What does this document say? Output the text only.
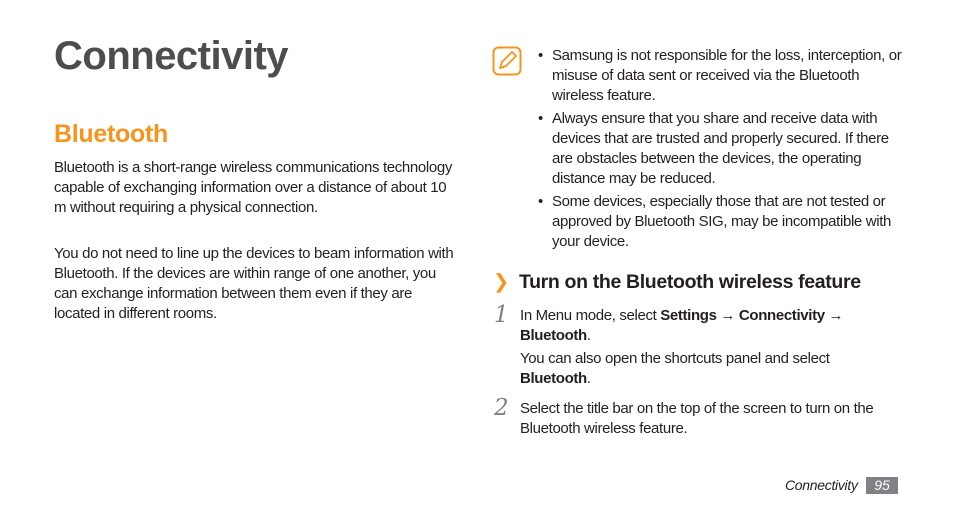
Connectivity
Bluetooth
Bluetooth is a short-range wireless communications technology capable of exchanging information over a distance of about 10 m without requiring a physical connection.
You do not need to line up the devices to beam information with Bluetooth. If the devices are within range of one another, you can exchange information between them even if they are located in different rooms.
• Samsung is not responsible for the loss, interception, or misuse of data sent or received via the Bluetooth wireless feature.
• Always ensure that you share and receive data with devices that are trusted and properly secured. If there are obstacles between the devices, the operating distance may be reduced.
• Some devices, especially those that are not tested or approved by Bluetooth SIG, may be incompatible with your device.
❯ Turn on the Bluetooth wireless feature
1 In Menu mode, select Settings → Connectivity →
Bluetooth.
You can also open the shortcuts panel and select
Bluetooth.
2 Select the title bar on the top of the screen to turn on the Bluetooth wireless feature.
Connectivity	95
